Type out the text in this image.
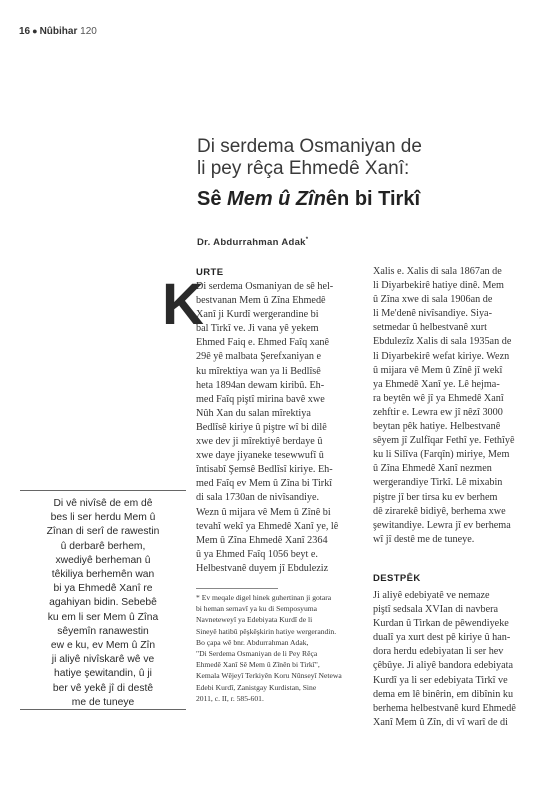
16 ● Nûbihar 120
Di serdema Osmaniyan de
li pey rêça Ehmedê Xanî:
Sê Mem û Zînên bi Tirkî
Dr. Abdurrahman Adak*
K
URTE
Di serdema Osmaniyan de sê hel-
bestvanan Mem û Zîna Ehmedê
Xanî ji Kurdî wergerandine bi
bal Tirkî ve. Ji vana yê yekem
Ehmed Faiq e. Ehmed Faîq xanê
29ê yê malbata Şerefxaniyan e
ku mîrektiya wan ya li Bedlîsê
heta 1894an dewam kiribû. Eh-
med Faîq piştî mirina bavê xwe
Nûh Xan du salan mîrektiya
Bedlîsê kiriye û piştre wî bi dilê
xwe dev ji mîrektiyê berdaye û
xwe daye jiyaneke tesewwufî û
întisabî Şemsê Bedlîsî kiriye. Eh-
med Faîq ev Mem û Zîna bi Tirkî
di sala 1730an de nivîsandiye.
Wezn û mijara vê Mem û Zînê bi
tevahî wekî ya Ehmedê Xanî ye, lê
Mem û Zîna Ehmedê Xanî 2364
û ya Ehmed Faîq 1056 beyt e.
Helbestvanê duyem jî Ebduleziz
Xalis e. Xalis di sala 1867an de
li Diyarbekirê hatiye dinê. Mem
û Zîna xwe di sala 1906an de
li Me'denê nivîsandiye. Siya-
setmedar û helbestvanê xurt
Ebdulezîz Xalis di sala 1935an de
li Diyarbekirê wefat kiriye. Wezn
û mijara vê Mem û Zînê jî wekî
ya Ehmedê Xanî ye. Lê hejma-
ra beytên wê jî ya Ehmedê Xanî
zehftir e. Lewra ew jî nêzî 3000
beytan pêk hatiye. Helbestvanê
sêyem jî Zulfîqar Fethî ye. Fethîyê
ku li Silîva (Farqîn) miriye, Mem
û Zîna Ehmedê Xanî nezmen
wergerandiye Tirkî. Lê mixabin
piştre jî ber tirsa ku ev berhem
dê zirarekê bidiyê, berhema xwe
şewitandiye. Lewra jî ev berhema
wî jî destê me de tuneye.
DESTPÊK
Ji aliyê edebiyatê ve nemaze
piştî sedsala XVIan di navbera
Kurdan û Tirkan de pêwendiyeke
dualî ya xurt dest pê kiriye û han-
dora herdu edebiyatan li ser hev
çêbûye. Ji aliyê bandora edebiyata
Kurdî ya li ser edebiyata Tirkî ve
dema em lê binêrin, em dibînin ku
berhema helbestvanê kurd Ehmedê
Xanî Mem û Zîn, di vî warî de di
* Ev meqale digel hinek guhertinan ji gotara
bi heman sernavî ya ku di Semposyuma
Navneteweyî ya Edebiyata Kurdî de li
Sineyê hatibû pêşkêşkirin hatiye wergerandin.
Bo çapa wê bnr. Abdurrahman Adak,
"Di Serdema Osmaniyan de li Pey Rêça
Ehmedê Xanî Sê Mem û Zînên bi Tirkî",
Kemala Wêjeyî Terkiyên Koru Nûnseyî Netewa
Edebi Kurdî, Zanistgay Kurdistan, Sine
2011, c. II, r. 585-601.
Di vê nivîsê de em dê
bes li ser herdu Mem û
Zînan di serî de rawestin
û derbarê berhem,
xwediyê berheman û
têkiliya berhemên wan
bi ya Ehmedê Xanî re
agahiyan bidin. Sebebê
ku em li ser Mem û Zîna
sêyemîn ranawestin
ew e ku, ev Mem û Zîn
ji aliyê nivîskarê wê ve
hatiye şewitandin, û ji
ber vê yekê jî di destê
me de tuneye
